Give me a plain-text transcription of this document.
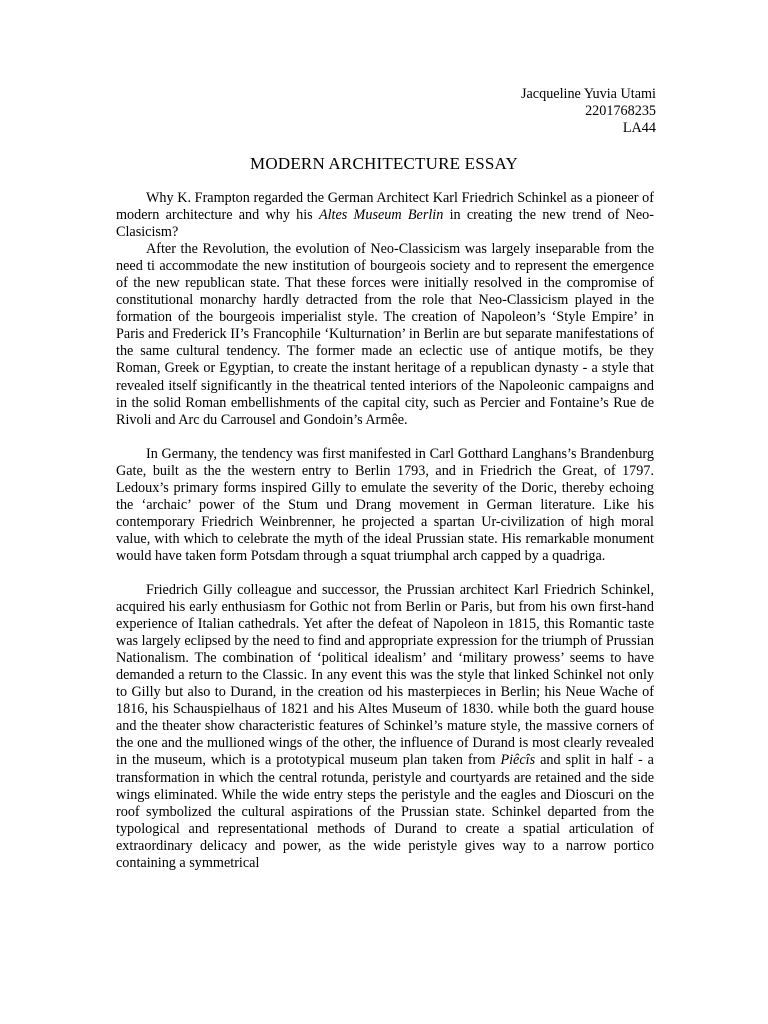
Jacqueline Yuvia Utami
2201768235
LA44
MODERN ARCHITECTURE ESSAY

Why K. Frampton regarded the German Architect Karl Friedrich Schinkel as a pioneer of modern architecture and why his Altes Museum Berlin in creating the new trend of Neo-Clasicism?

After the Revolution, the evolution of Neo-Classicism was largely inseparable from the need ti accommodate the new institution of bourgeois society and to represent the emergence of the new republican state. That these forces were initially resolved in the compromise of constitutional monarchy hardly detracted from the role that Neo-Classicism played in the formation of the bourgeois imperialist style. The creation of Napoleon’s ‘Style Empire’ in Paris and Frederick II’s Francophile ‘Kulturnation’ in Berlin are but separate manifestations of the same cultural tendency. The former made an eclectic use of antique motifs, be they Roman, Greek or Egyptian, to create the instant heritage of a republican dynasty - a style that revealed itself significantly in the theatrical tented interiors of the Napoleonic campaigns and in the solid Roman embellishments of the capital city, such as Percier and Fontaine’s Rue de Rivoli and Arc du Carrousel and Gondoin’s Armêe.

In Germany, the tendency was first manifested in Carl Gotthard Langhans’s Brandenburg Gate, built as the the western entry to Berlin 1793, and in Friedrich the Great, of 1797. Ledoux’s primary forms inspired Gilly to emulate the severity of the Doric, thereby echoing the ‘archaic’ power of the Stum und Drang movement in German literature. Like his contemporary Friedrich Weinbrenner, he projected a spartan Ur-civilization of high moral value, with which to celebrate the myth of the ideal Prussian state. His remarkable monument would have taken form Potsdam through a squat triumphal arch capped by a quadriga.

Friedrich Gilly colleague and successor, the Prussian architect Karl Friedrich Schinkel, acquired his early enthusiasm for Gothic not from Berlin or Paris, but from his own first-hand experience of Italian cathedrals. Yet after the defeat of Napoleon in 1815, this Romantic taste was largely eclipsed by the need to find and appropriate expression for the triumph of Prussian Nationalism. The combination of ‘political idealism’ and ‘military prowess’ seems to have demanded a return to the Classic. In any event this was the style that linked Schinkel not only to Gilly but also to Durand, in the creation od his masterpieces in Berlin; his Neue Wache of 1816, his Schauspielhaus of 1821 and his Altes Museum of 1830. while both the guard house and the theater show characteristic features of Schinkel’s mature style, the massive corners of the one and the mullioned wings of the other, the influence of Durand is most clearly revealed in the museum, which is a prototypical museum plan taken from Piêcîs and split in half - a transformation in which the central rotunda, peristyle and courtyards are retained and the side wings eliminated. While the wide entry steps the peristyle and the eagles and Dioscuri on the roof symbolized the cultural aspirations of the Prussian state. Schinkel departed from the typological and representational methods of Durand to create a spatial articulation of extraordinary delicacy and power, as the wide peristyle gives way to a narrow portico containing a symmetrical
